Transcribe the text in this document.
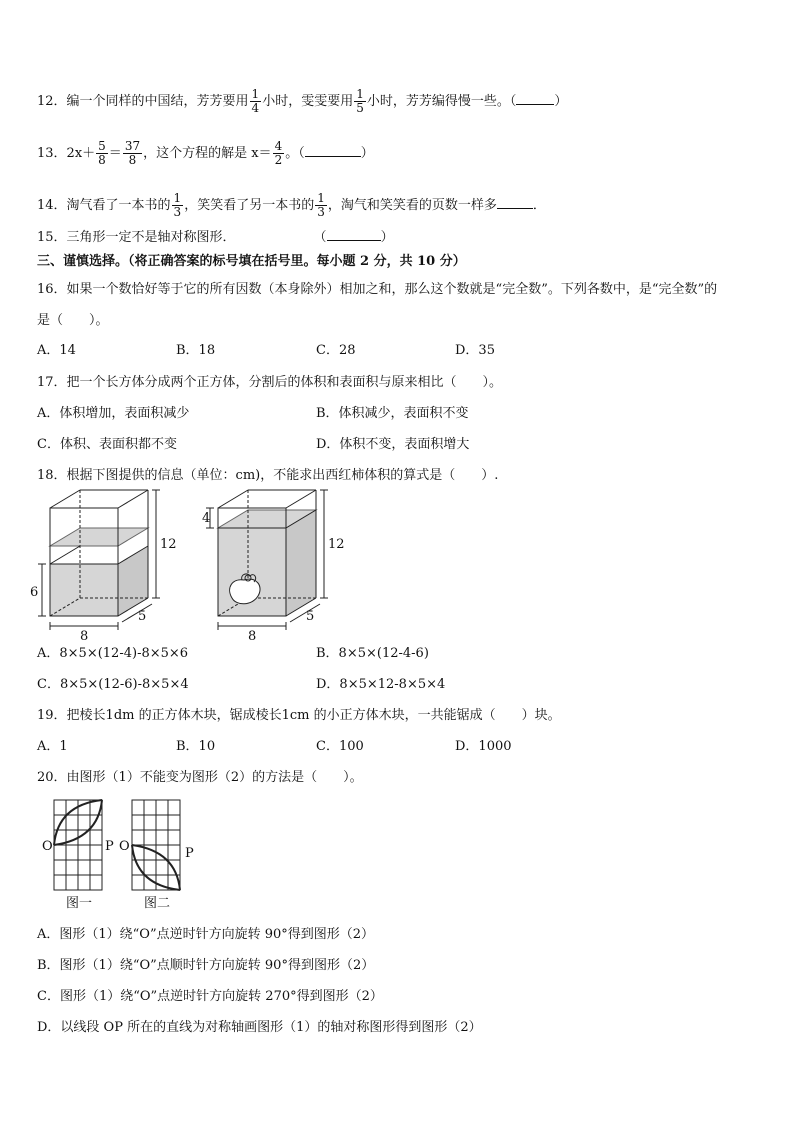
12．编一个同样的中国结，芳芳要用 $\frac{1}{4}$ 小时，雯雯要用 $\frac{1}{5}$ 小时，芳芳编得慢一些。（	）
13．$2x+ \frac{5}{8} = \frac{37}{8}$ ，这个方程的解是 $x= \frac{4}{2}$ 。（	）
14．淘气看了一本书的 $\frac{1}{3}$ ，笑笑看了另一本书的 $\frac{1}{3}$ ，淘气和笑笑看的页数一样多	．
15．三角形一定不是轴对称图形．	（	）
三、谨慎选择。（将正确答案的标号填在括号里。每小题 2 分，共 10 分）
16．如果一个数恰好等于它的所有因数（本身除外）相加之和，那么这个数就是“完全数”。下列各数中，是“完全数”的
是（　　）。
A．14	B．18	C．28	D．35
17．把一个长方体分成两个正方体，分割后的体积和表面积与原来相比（　　）。
A．体积增加，表面积减少	B．体积减少，表面积不变
C．体积、表面积都不变	D．体积不变，表面积增大
18．根据下图提供的信息（单位：cm)，不能求出西红柿体积的算式是（　　）.
12
6
8
5
4
12
8
5
A．8×5×(12-4)-8×5×6	B．8×5×(12-4-6)
C．8×5×(12-6)-8×5×4	D．8×5×12-8×5×4
19．把棱长1dm 的正方体木块，锯成棱长1cm 的小正方体木块，一共能锯成（　　）块。
A．1	B．10	C．100	D．1000
20．由图形（1）不能变为图形（2）的方法是（　　）。
O	P O	P
图一	图二
A．图形（1）绕“O”点逆时针方向旋转 90°得到图形（2）
B．图形（1）绕“O”点顺时针方向旋转 90°得到图形（2）
C．图形（1）绕“O”点逆时针方向旋转 270°得到图形（2）
D．以线段 OP 所在的直线为对称轴画图形（1）的轴对称图形得到图形（2）
